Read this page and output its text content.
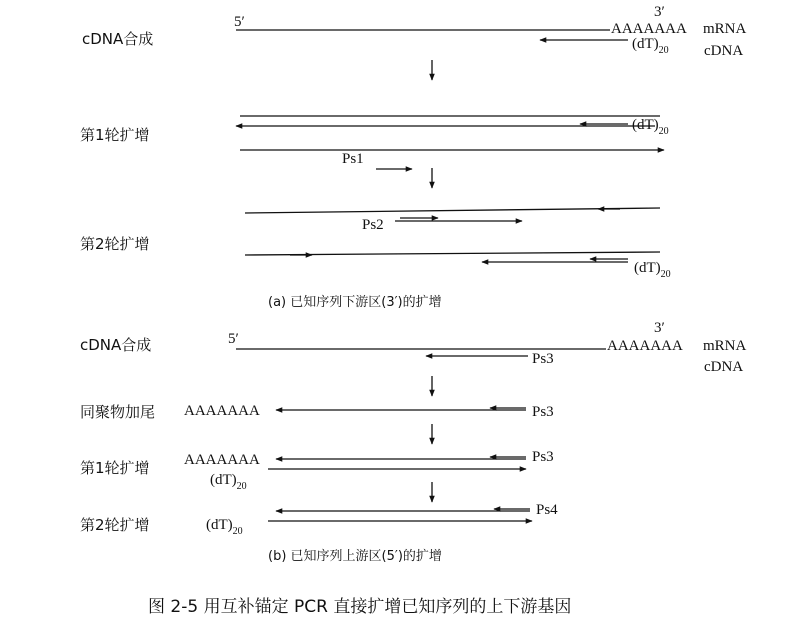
cDNA合成
第1轮扩增
第2轮扩增
cDNA合成
同聚物加尾
第1轮扩增
第2轮扩增
5′
3′
AAAAAAA mRNA
cDNA
$(dT)_{20}$
$(dT)_{20}$
Ps1
Ps2
$(dT)_{20}$
(a) 已知序列下游区(3′)的扩增
5′
3′
AAAAAAA mRNA
cDNA
Ps3
AAAAAAA	Ps3
AAAAAAA	Ps3
$(dT)_{20}$
Ps4
$(dT)_{20}$
(b) 已知序列上游区(5′)的扩增
图 2-5 用互补锚定 PCR 直接扩增已知序列的上下游基因
